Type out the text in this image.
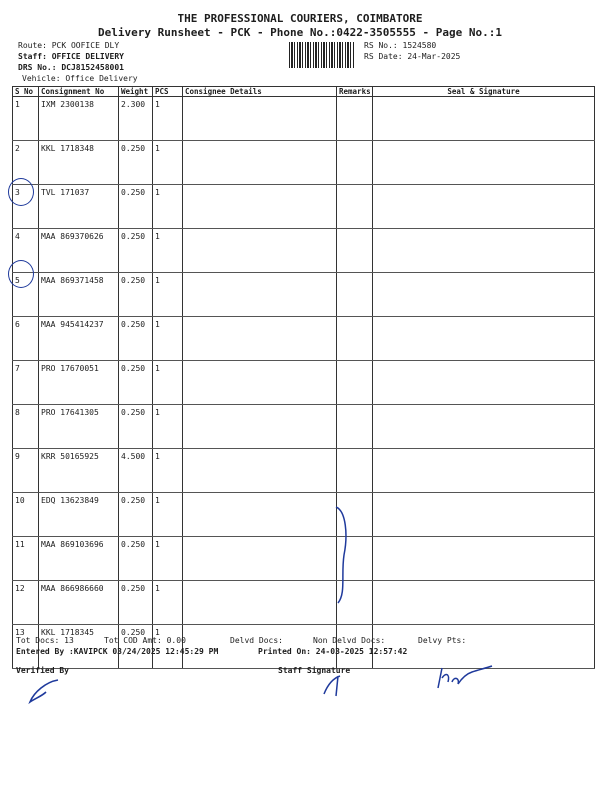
THE PROFESSIONAL COURIERS, COIMBATORE
Delivery Runsheet - PCK - Phone No.:0422-3505555 - Page No.:1
Route: PCK OOFICE DLY
Staff: OFFICE DELIVERY
DRS No.: DCJ8152458001
Vehicle: Office Delivery
RS No.: 1524580
RS Date: 24-Mar-2025
S No	Consignment No	Weight	PCS	Consignee Details	Remarks	Seal & Signature
1	IXM 2300138	2.300	1			
2	KKL 1718348	0.250	1			
3	TVL 171037	0.250	1			
4	MAA 869370626	0.250	1			
5	MAA 869371458	0.250	1			
6	MAA 945414237	0.250	1			
7	PRO 17670051	0.250	1			
8	PRO 17641305	0.250	1			
9	KRR 50165925	4.500	1			
10	EDQ 13623849	0.250	1			
11	MAA 869103696	0.250	1			
12	MAA 866986660	0.250	1			
13	KKL 1718345	0.250	1			
Tot Docs: 13	Tot COD Amt: 0.00	Delvd Docs:	Non Delvd Docs:	Delvy Pts:
Entered By :KAVIPCK 03/24/2025 12:45:29 PM	Printed On: 24-03-2025 12:57:42
Verified By	Staff Signature
